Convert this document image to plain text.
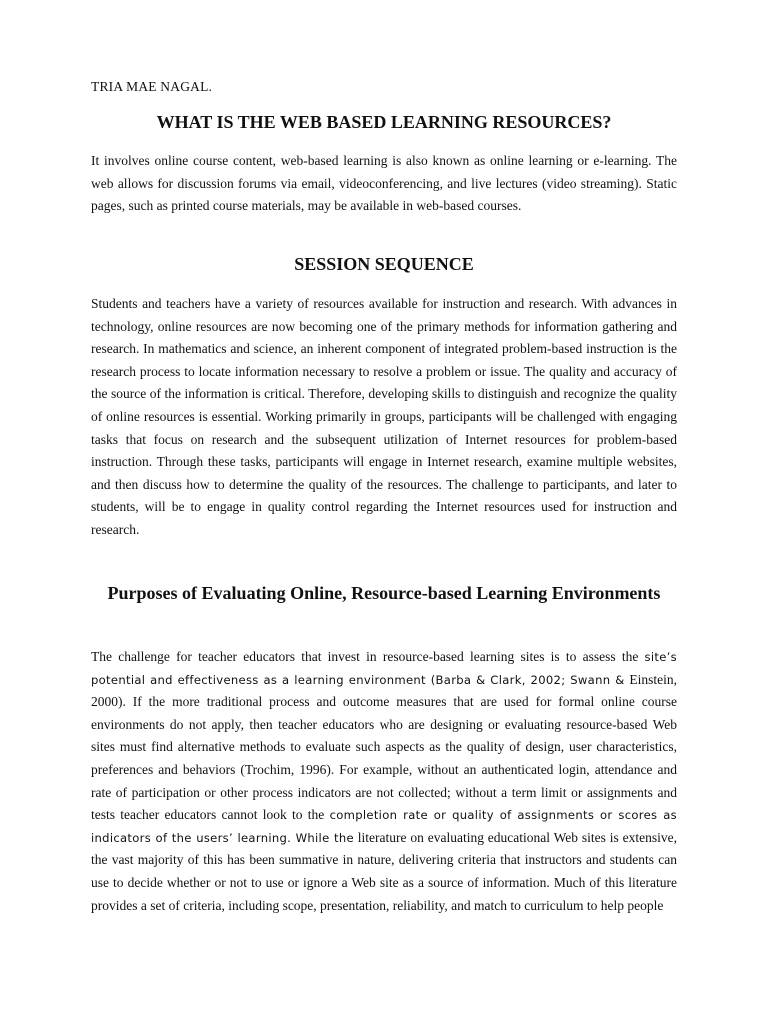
TRIA MAE NAGAL.
WHAT IS THE WEB BASED LEARNING RESOURCES?

It involves online course content, web-based learning is also known as online learning or e-learning. The web allows for discussion forums via email, videoconferencing, and live lectures (video streaming). Static pages, such as printed course materials, may be available in web-based courses.

SESSION SEQUENCE

Students and teachers have a variety of resources available for instruction and research. With advances in technology, online resources are now becoming one of the primary methods for information gathering and research. In mathematics and science, an inherent component of integrated problem-based instruction is the research process to locate information necessary to resolve a problem or issue. The quality and accuracy of the source of the information is critical. Therefore, developing skills to distinguish and recognize the quality of online resources is essential. Working primarily in groups, participants will be challenged with engaging tasks that focus on research and the subsequent utilization of Internet resources for problem-based instruction. Through these tasks, participants will engage in Internet research, examine multiple websites, and then discuss how to determine the quality of the resources. The challenge to participants, and later to students, will be to engage in quality control regarding the Internet resources used for instruction and research.

Purposes of Evaluating Online, Resource-based Learning Environments

The challenge for teacher educators that invest in resource-based learning sites is to assess the site’s potential and effectiveness as a learning environment (Barba & Clark, 2002; Swann & Einstein, 2000). If the more traditional process and outcome measures that are used for formal online course environments do not apply, then teacher educators who are designing or evaluating resource-based Web sites must find alternative methods to evaluate such aspects as the quality of design, user characteristics, preferences and behaviors (Trochim, 1996). For example, without an authenticated login, attendance and rate of participation or other process indicators are not collected; without a term limit or assignments and tests teacher educators cannot look to the completion rate or quality of assignments or scores as indicators of the users’ learning. While the literature on evaluating educational Web sites is extensive, the vast majority of this has been summative in nature, delivering criteria that instructors and students can use to decide whether or not to use or ignore a Web site as a source of information. Much of this literature provides a set of criteria, including scope, presentation, reliability, and match to curriculum to help people
